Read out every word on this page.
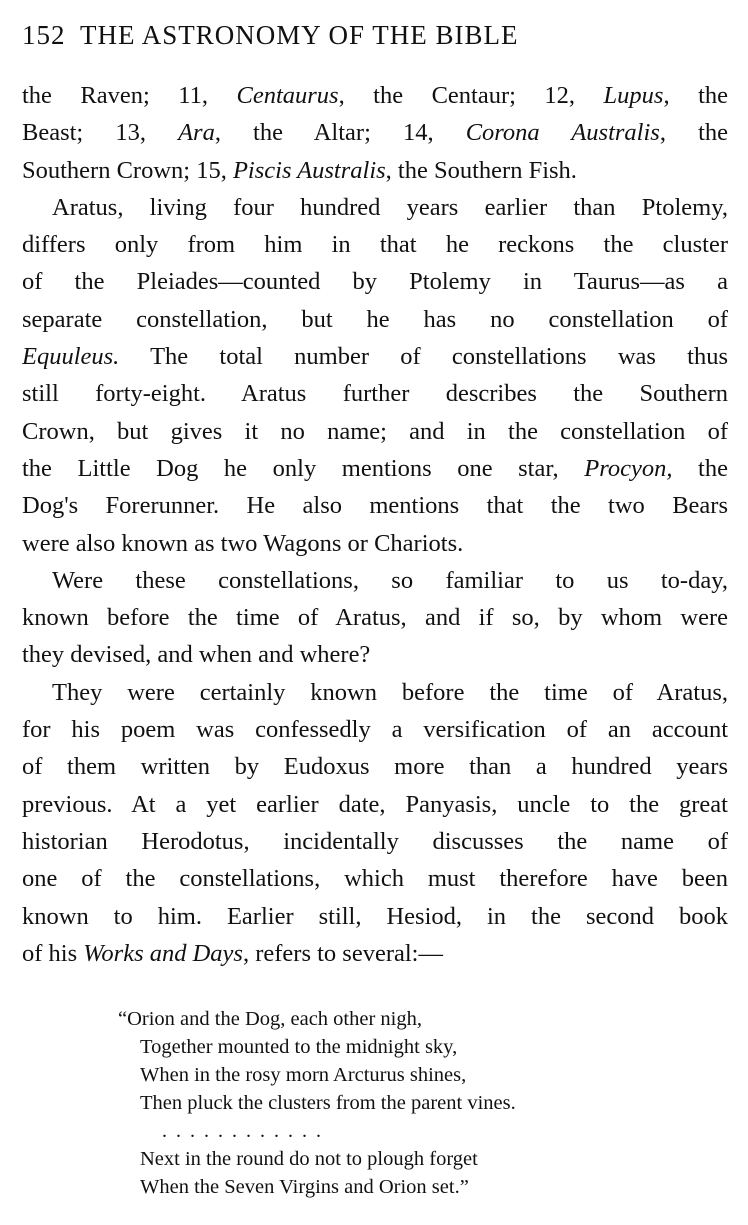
152 THE ASTRONOMY OF THE BIBLE
the Raven; 11, Centaurus, the Centaur; 12, Lupus, the
Beast; 13, Ara, the Altar; 14, Corona Australis, the
Southern Crown; 15, Piscis Australis, the Southern Fish.
Aratus, living four hundred years earlier than Ptolemy,
differs only from him in that he reckons the cluster
of the Pleiades—counted by Ptolemy in Taurus—as a
separate constellation, but he has no constellation of
Equuleus. The total number of constellations was thus
still forty-eight. Aratus further describes the Southern
Crown, but gives it no name; and in the constellation of
the Little Dog he only mentions one star, Procyon, the
Dog's Forerunner. He also mentions that the two Bears
were also known as two Wagons or Chariots.
Were these constellations, so familiar to us to-day,
known before the time of Aratus, and if so, by whom were
they devised, and when and where?
They were certainly known before the time of Aratus,
for his poem was confessedly a versification of an account
of them written by Eudoxus more than a hundred years
previous. At a yet earlier date, Panyasis, uncle to the great
historian Herodotus, incidentally discusses the name of
one of the constellations, which must therefore have been
known to him. Earlier still, Hesiod, in the second book
of his Works and Days, refers to several:—
“Orion and the Dog, each other nigh,
Together mounted to the midnight sky,
When in the rosy morn Arcturus shines,
Then pluck the clusters from the parent vines.
. . . . . . . . . . . .
Next in the round do not to plough forget
When the Seven Virgins and Orion set.”
